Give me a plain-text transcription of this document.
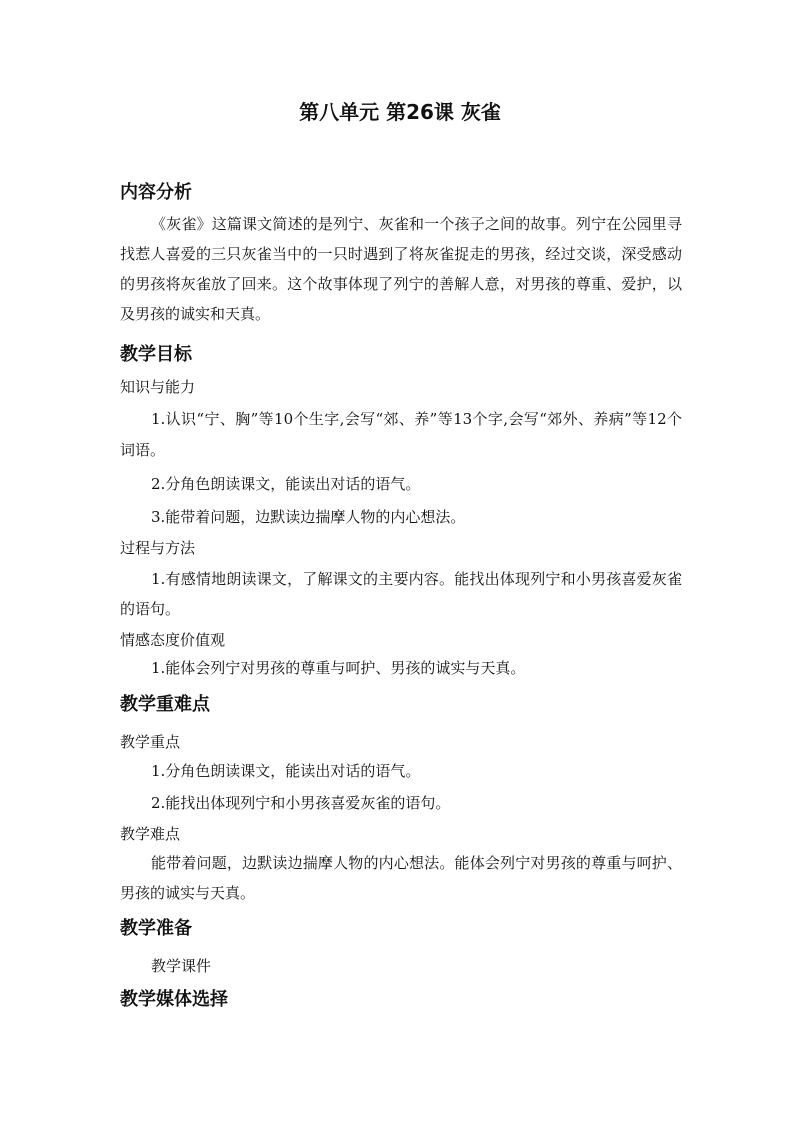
第八单元 第26课 灰雀
内容分析
《灰雀》这篇课文简述的是列宁、灰雀和一个孩子之间的故事。列宁在公园里寻找惹人喜爱的三只灰雀当中的一只时遇到了将灰雀捉走的男孩，经过交谈，深受感动的男孩将灰雀放了回来。这个故事体现了列宁的善解人意，对男孩的尊重、爱护，以及男孩的诚实和天真。
教学目标
知识与能力
1.认识“宁、胸”等10个生字,会写“郊、养”等13个字,会写“郊外、养病”等12个词语。
2.分角色朗读课文，能读出对话的语气。
3.能带着问题，边默读边揣摩人物的内心想法。
过程与方法
1.有感情地朗读课文，了解课文的主要内容。能找出体现列宁和小男孩喜爱灰雀的语句。
情感态度价值观
1.能体会列宁对男孩的尊重与呵护、男孩的诚实与天真。
教学重难点
教学重点
1.分角色朗读课文，能读出对话的语气。
2.能找出体现列宁和小男孩喜爱灰雀的语句。
教学难点
能带着问题，边默读边揣摩人物的内心想法。能体会列宁对男孩的尊重与呵护、男孩的诚实与天真。
教学准备
教学课件
教学媒体选择
